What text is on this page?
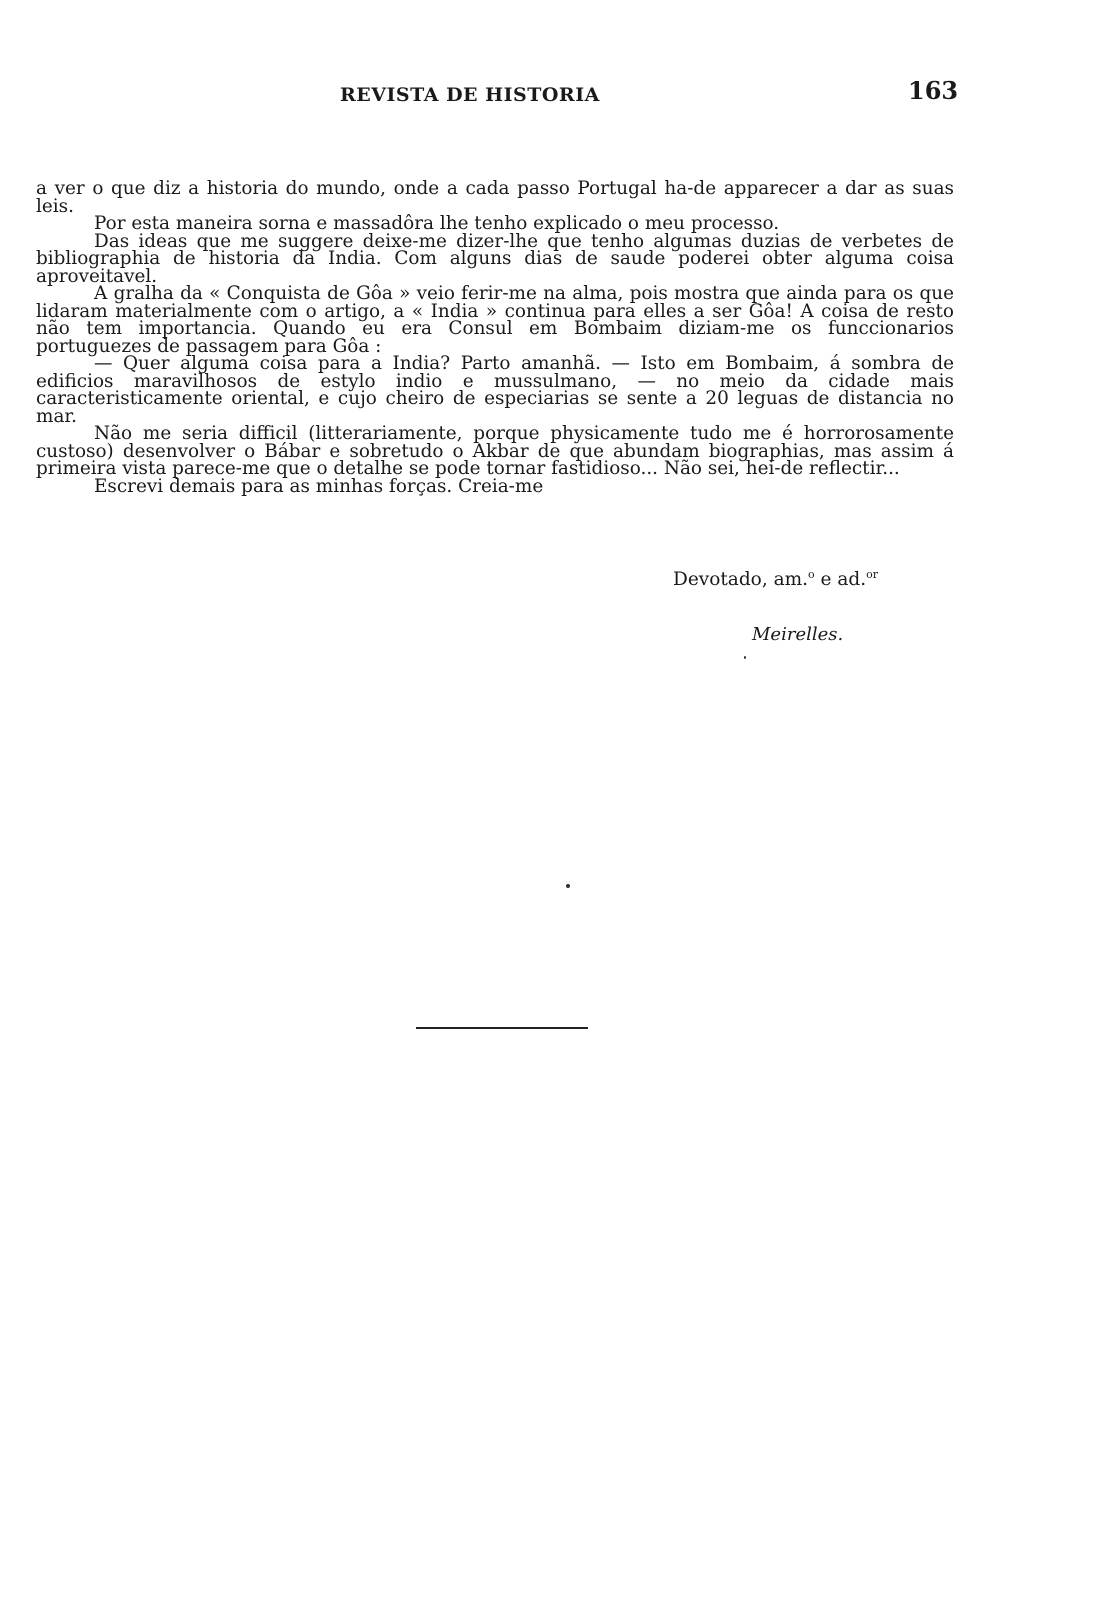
REVISTA DE HISTORIA	163

a ver o que diz a historia do mundo, onde a cada passo Portugal ha-de apparecer a dar as suas leis.

Por esta maneira sorna e massadôra lhe tenho explicado o meu processo.

Das ideas que me suggere deixe-me dizer-lhe que tenho algumas duzias de verbetes de bibliographia de historia da India. Com alguns dias de saude poderei obter alguma coisa aproveitavel.

A gralha da « Conquista de Gôa » veio ferir-me na alma, pois mostra que ainda para os que lidaram materialmente com o artigo, a « India » continua para elles a ser Gôa! A coisa de resto não tem importancia. Quando eu era Consul em Bombaim diziam-me os funccionarios portuguezes de passagem para Gôa :

— Quer alguma coisa para a India? Parto amanhã. — Isto em Bombaim, á sombra de edificios maravilhosos de estylo indio e mussulmano, — no meio da cidade mais caracteristicamente oriental, e cujo cheiro de especiarias se sente a 20 leguas de distancia no mar.

Não me seria difficil (litterariamente, porque physicamente tudo me é horrorosamente custoso) desenvolver o Bábar e sobretudo o Akbar de que abundam biographias, mas assim á primeira vista parece-me que o detalhe se pode tornar fastidioso... Não sei, hei-de reflectir...

Escrevi demais para as minhas forças. Creia-me

Devotado, am.$^o$ e ad.$^{or}$
Meirelles.
